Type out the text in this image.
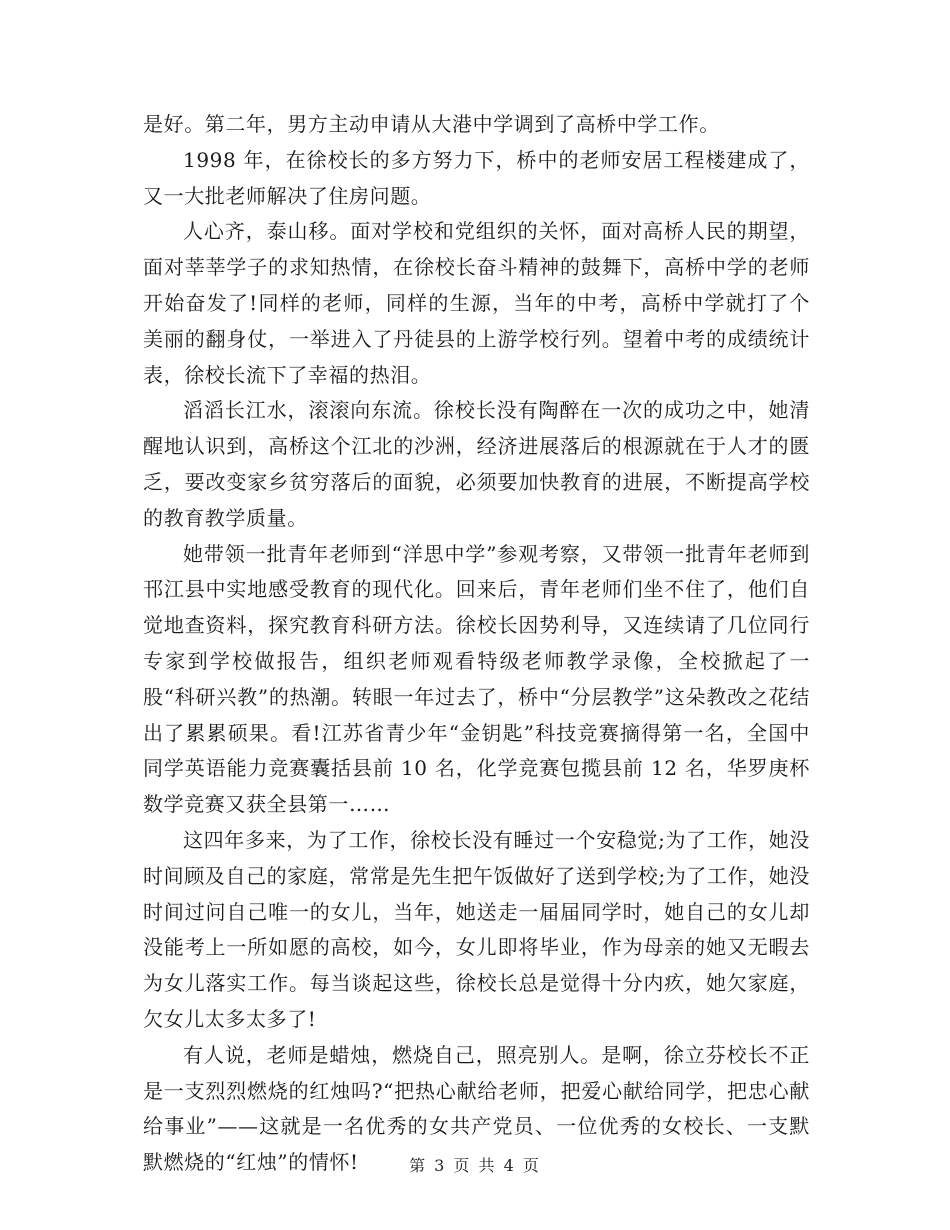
是好。第二年，男方主动申请从大港中学调到了高桥中学工作。

1998 年，在徐校长的多方努力下，桥中的老师安居工程楼建成了，又一大批老师解决了住房问题。

人心齐，泰山移。面对学校和党组织的关怀，面对高桥人民的期望，面对莘莘学子的求知热情，在徐校长奋斗精神的鼓舞下，高桥中学的老师开始奋发了!同样的老师，同样的生源，当年的中考，高桥中学就打了个美丽的翻身仗，一举进入了丹徒县的上游学校行列。望着中考的成绩统计表，徐校长流下了幸福的热泪。

滔滔长江水，滚滚向东流。徐校长没有陶醉在一次的成功之中，她清醒地认识到，高桥这个江北的沙洲，经济进展落后的根源就在于人才的匮乏，要改变家乡贫穷落后的面貌，必须要加快教育的进展，不断提高学校的教育教学质量。

她带领一批青年老师到“洋思中学”参观考察，又带领一批青年老师到邗江县中实地感受教育的现代化。回来后，青年老师们坐不住了，他们自觉地查资料，探究教育科研方法。徐校长因势利导，又连续请了几位同行专家到学校做报告，组织老师观看特级老师教学录像，全校掀起了一股“科研兴教”的热潮。转眼一年过去了，桥中“分层教学”这朵教改之花结出了累累硕果。看!江苏省青少年“金钥匙”科技竞赛摘得第一名，全国中同学英语能力竞赛囊括县前 10 名，化学竞赛包揽县前 12 名，华罗庚杯数学竞赛又获全县第一……

这四年多来，为了工作，徐校长没有睡过一个安稳觉;为了工作，她没时间顾及自己的家庭，常常是先生把午饭做好了送到学校;为了工作，她没时间过问自己唯一的女儿，当年，她送走一届届同学时，她自己的女儿却没能考上一所如愿的高校，如今，女儿即将毕业，作为母亲的她又无暇去为女儿落实工作。每当谈起这些，徐校长总是觉得十分内疚，她欠家庭，欠女儿太多太多了!

有人说，老师是蜡烛，燃烧自己，照亮别人。是啊，徐立芬校长不正是一支烈烈燃烧的红烛吗?“把热心献给老师，把爱心献给同学，把忠心献给事业”——这就是一名优秀的女共产党员、一位优秀的女校长、一支默默燃烧的“红烛”的情怀!	第 3 页 共 4 页
